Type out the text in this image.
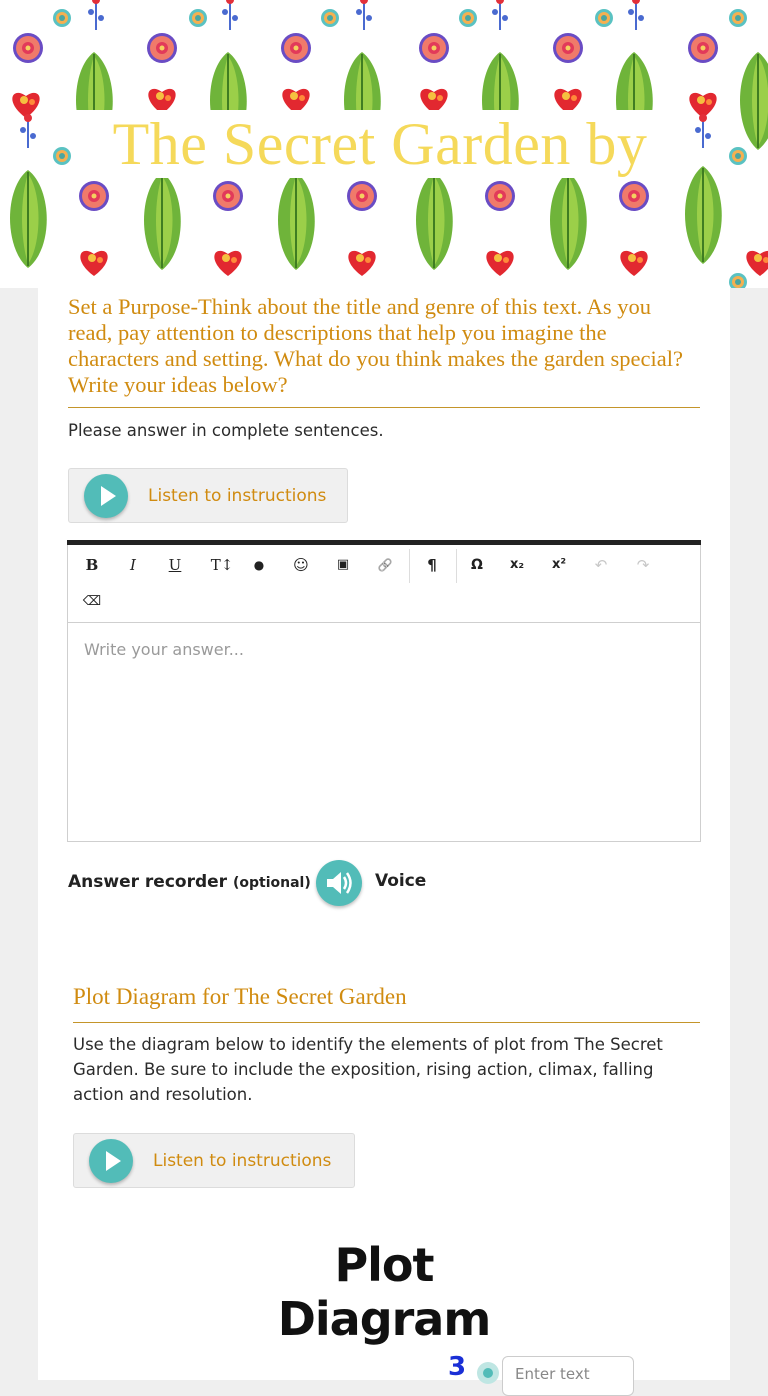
The Secret Garden by
Set a Purpose-Think about the title and genre of this text. As you read, pay attention to descriptions that help you imagine the characters and setting. What do you think makes the garden special? Write your ideas below?
Please answer in complete sentences.
Listen to instructions
B	I	U	T↕	●	☺	▣	🔗	¶	Ω	x₂	x²	↶	↷
⌫
Write your answer...
Answer recorder (optional)	Voice
Plot Diagram for The Secret Garden
Use the diagram below to identify the elements of plot from The Secret Garden. Be sure to include the exposition, rising action, climax, falling action and resolution.
Listen to instructions
Plot Diagram
3	Enter text
